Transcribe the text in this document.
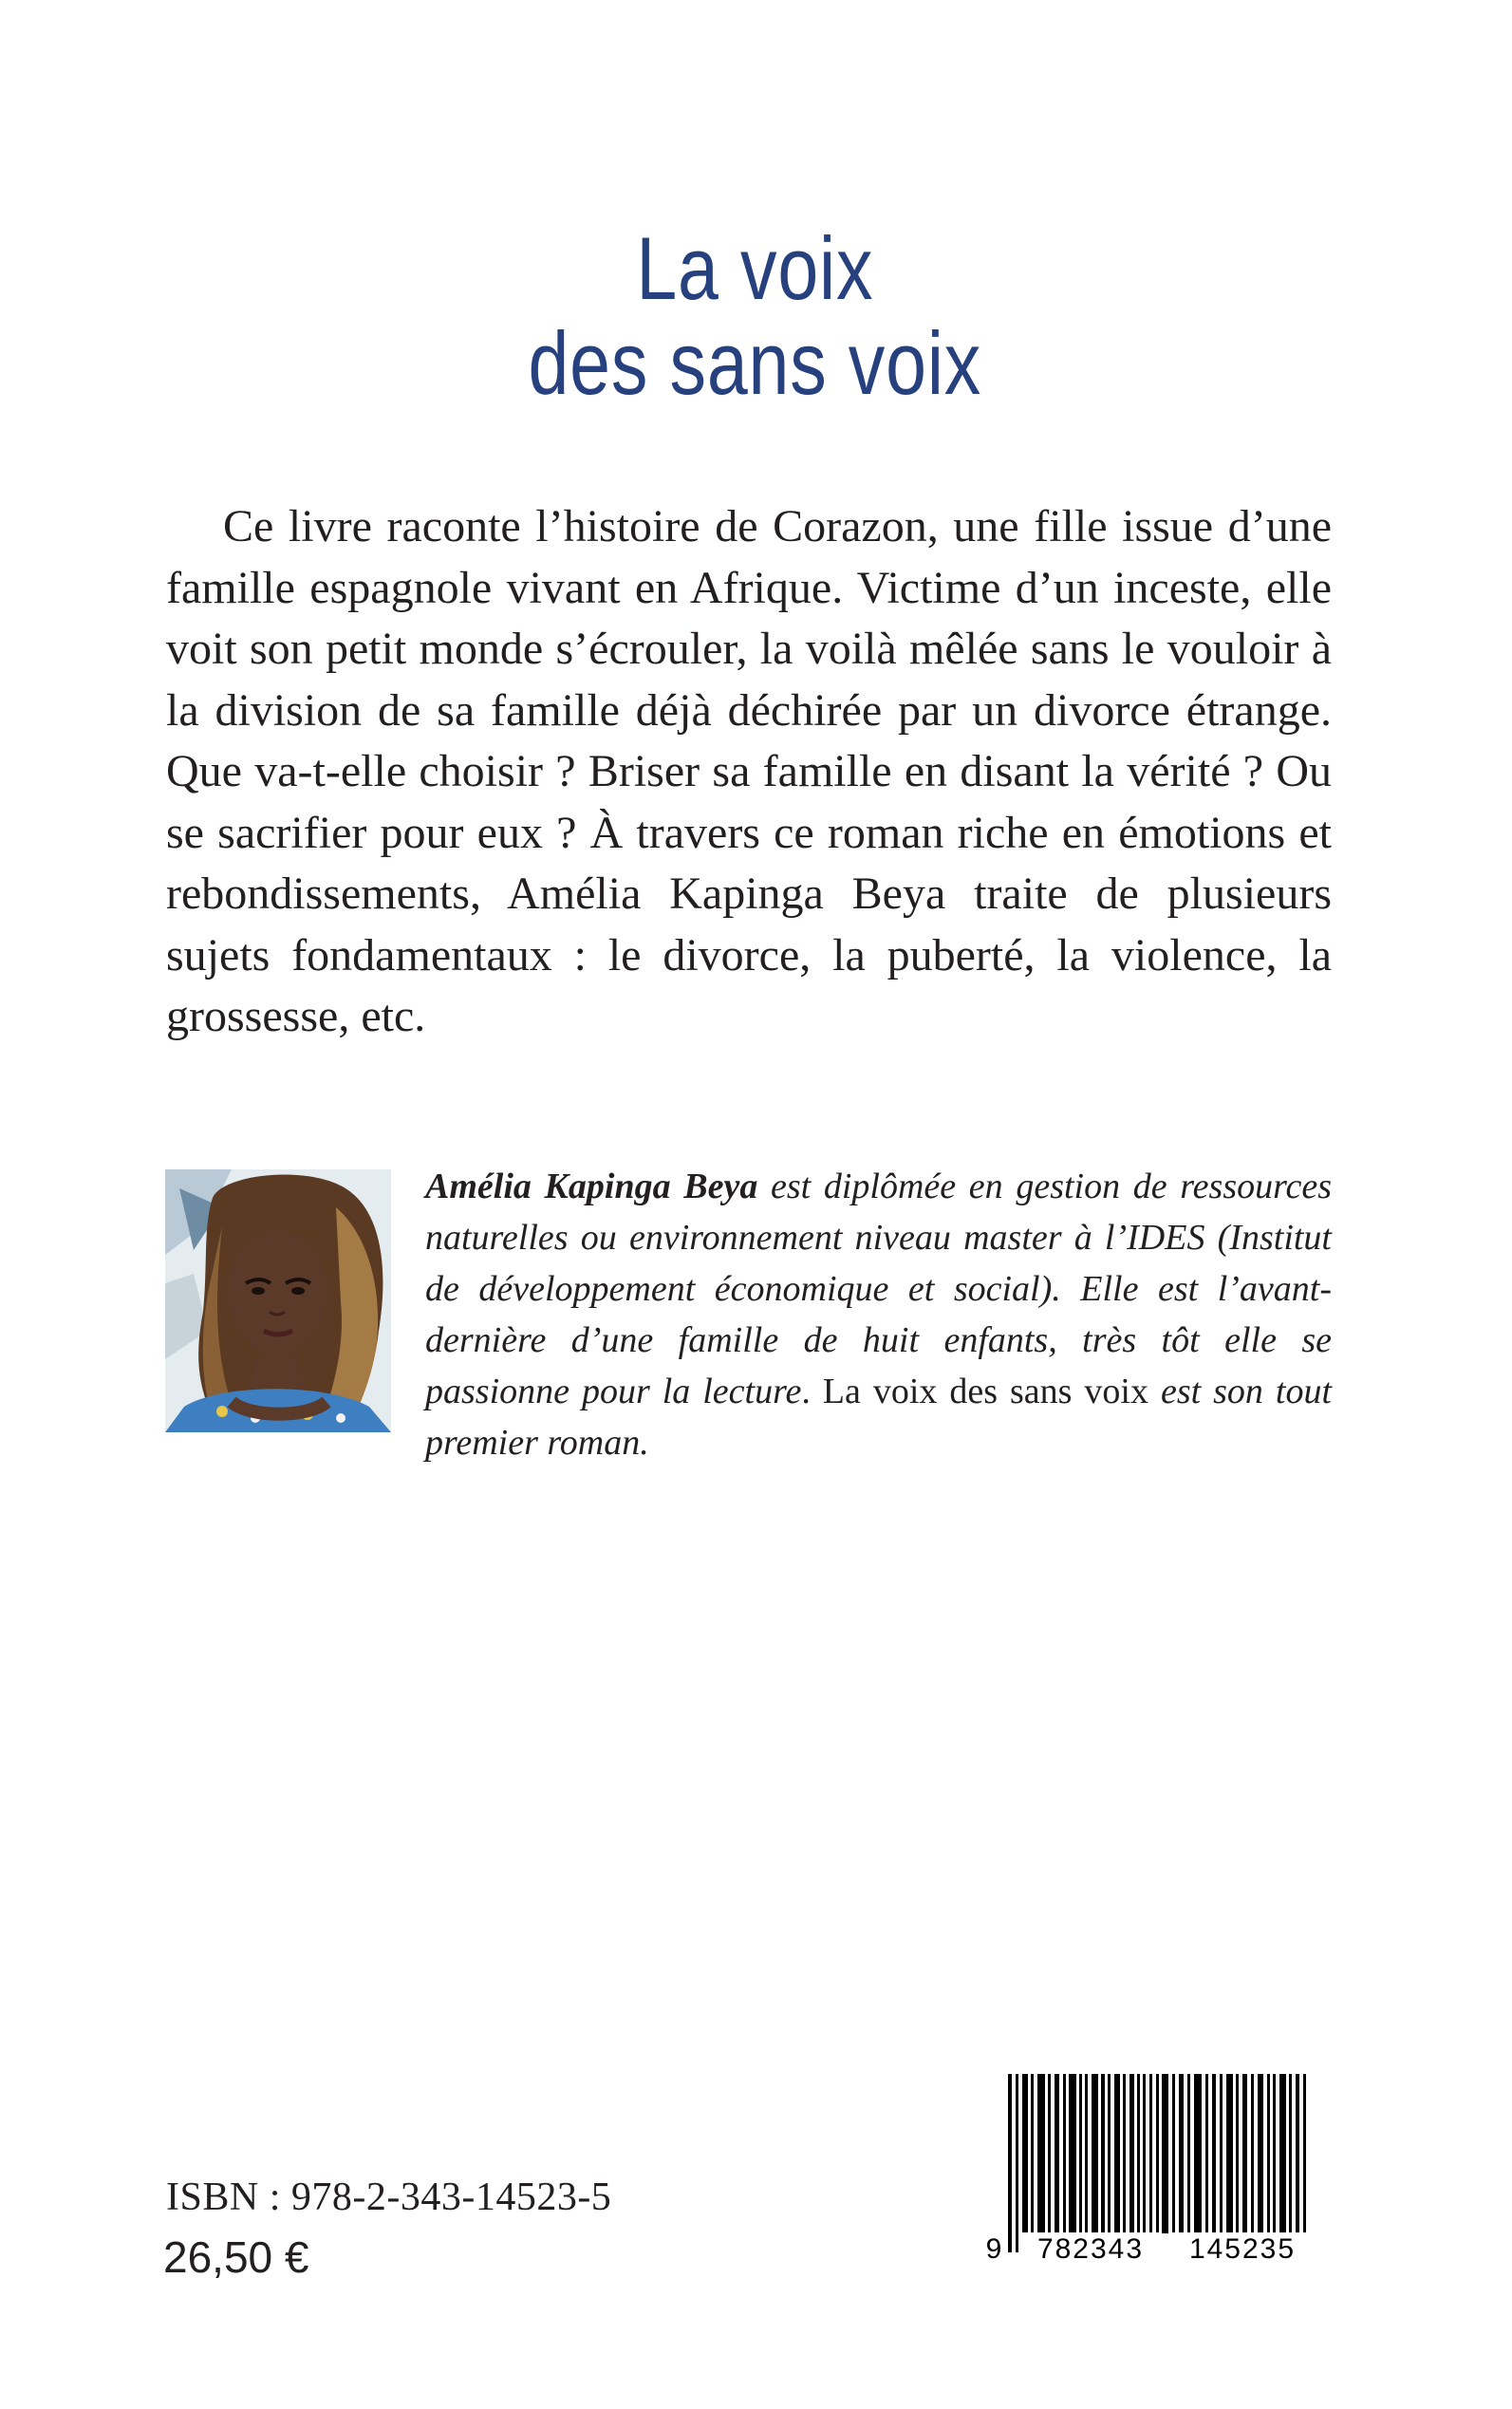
La voix
des sans voix

Ce livre raconte l’histoire de Corazon, une fille issue d’une famille espagnole vivant en Afrique. Victime d’un inceste, elle voit son petit monde s’écrouler, la voilà mêlée sans le vouloir à la division de sa famille déjà déchirée par un divorce étrange. Que va-t-elle choisir ? Briser sa famille en disant la vérité ? Ou se sacrifier pour eux ? À travers ce roman riche en émotions et rebondissements, Amélia Kapinga Beya traite de plusieurs sujets fondamentaux : le divorce, la puberté, la violence, la grossesse, etc.

Amélia Kapinga Beya est diplômée en gestion de ressources naturelles ou environnement niveau master à l’IDES (Institut de développement économique et social). Elle est l’avant-dernière d’une famille de huit enfants, très tôt elle se passionne pour la lecture. La voix des sans voix est son tout premier roman.

ISBN : 978-2-343-14523-5
26,50 €	9	782343	145235
